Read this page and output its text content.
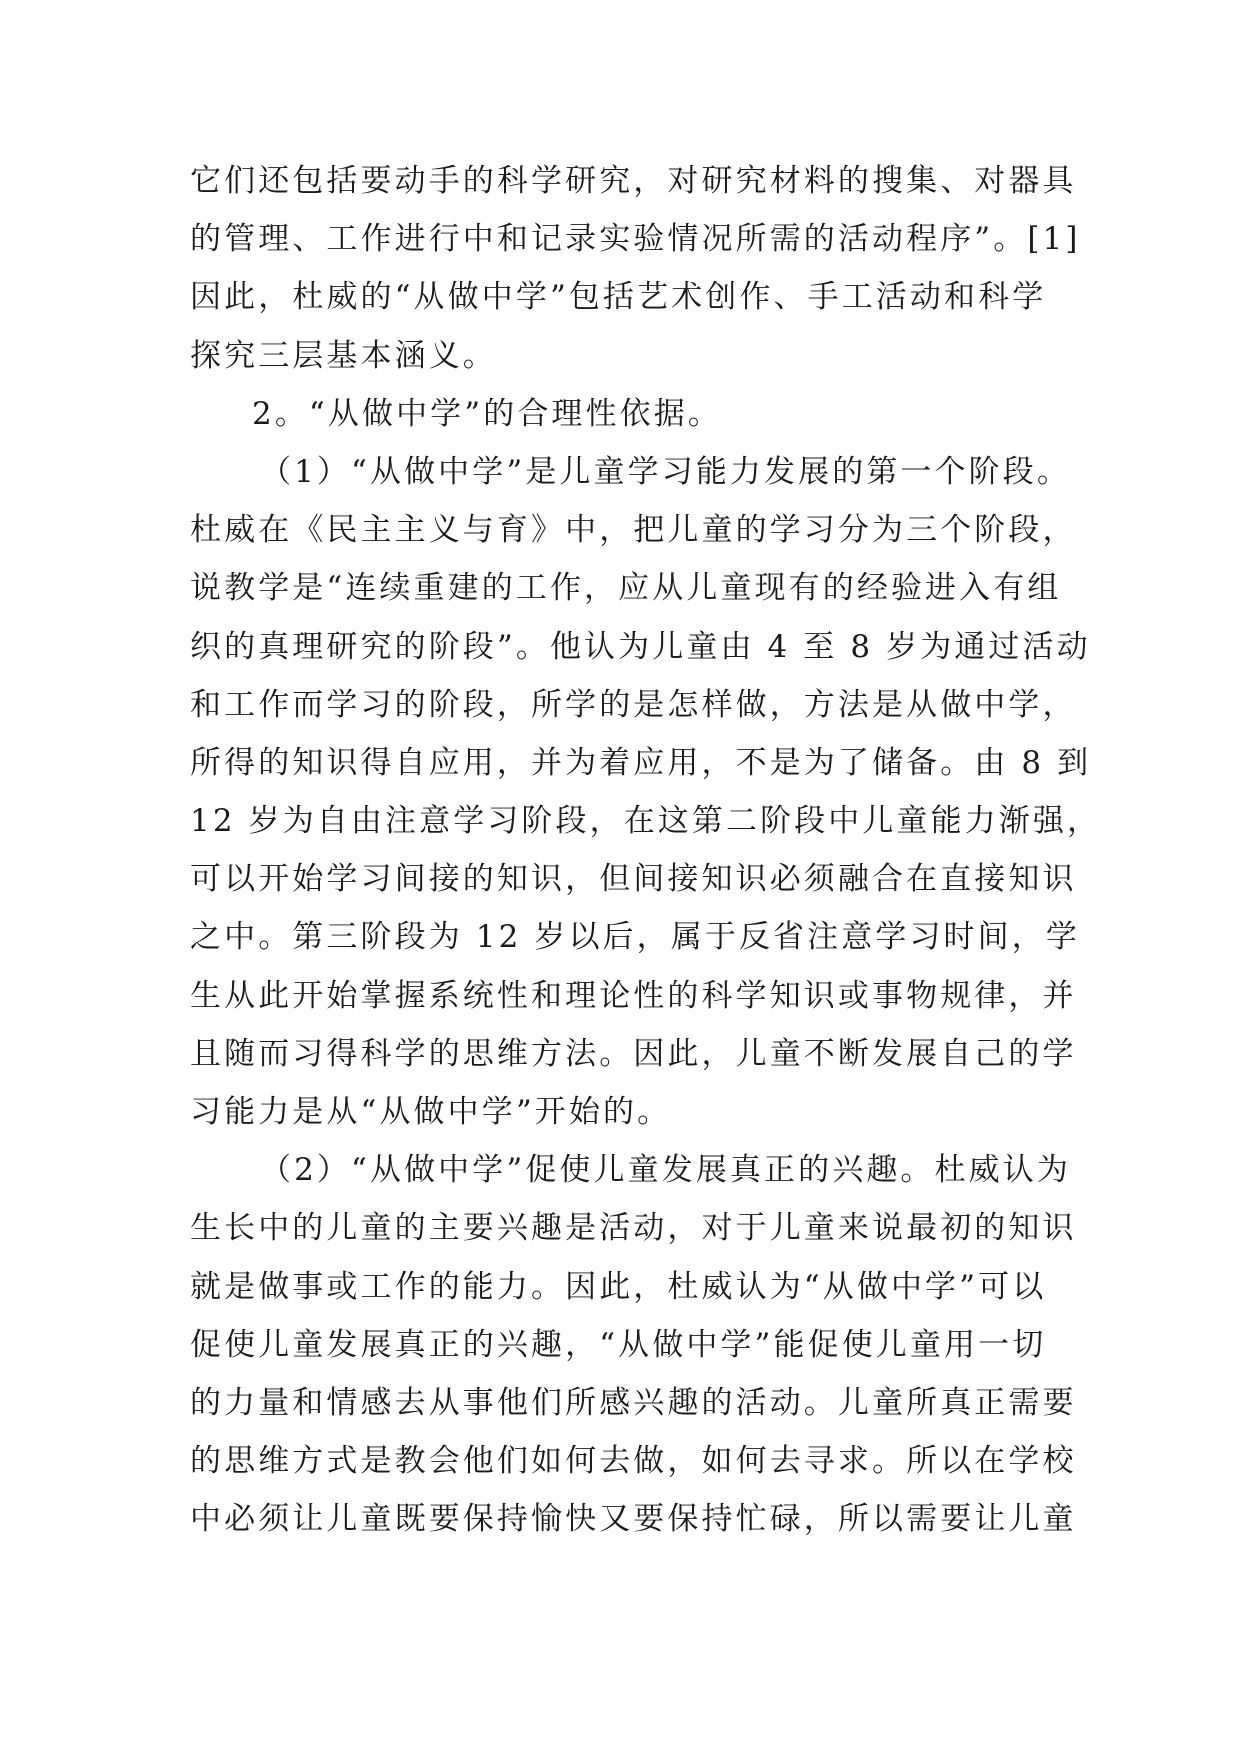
它们还包括要动手的科学研究，对研究材料的搜集、对器具
的管理、工作进行中和记录实验情况所需的活动程序”。[1]
因此，杜威的“从做中学”包括艺术创作、手工活动和科学
探究三层基本涵义。
2。“从做中学”的合理性依据。
（1）“从做中学”是儿童学习能力发展的第一个阶段。
杜威在《民主主义与育》中，把儿童的学习分为三个阶段，
说教学是“连续重建的工作，应从儿童现有的经验进入有组
织的真理研究的阶段”。他认为儿童由 4 至 8 岁为通过活动
和工作而学习的阶段，所学的是怎样做，方法是从做中学，
所得的知识得自应用，并为着应用，不是为了储备。由 8 到
12 岁为自由注意学习阶段，在这第二阶段中儿童能力渐强，
可以开始学习间接的知识，但间接知识必须融合在直接知识
之中。第三阶段为 12 岁以后，属于反省注意学习时间，学
生从此开始掌握系统性和理论性的科学知识或事物规律，并
且随而习得科学的思维方法。因此，儿童不断发展自己的学
习能力是从“从做中学”开始的。
（2）“从做中学”促使儿童发展真正的兴趣。杜威认为
生长中的儿童的主要兴趣是活动，对于儿童来说最初的知识
就是做事或工作的能力。因此，杜威认为“从做中学”可以
促使儿童发展真正的兴趣，“从做中学”能促使儿童用一切
的力量和情感去从事他们所感兴趣的活动。儿童所真正需要
的思维方式是教会他们如何去做，如何去寻求。所以在学校
中必须让儿童既要保持愉快又要保持忙碌，所以需要让儿童
